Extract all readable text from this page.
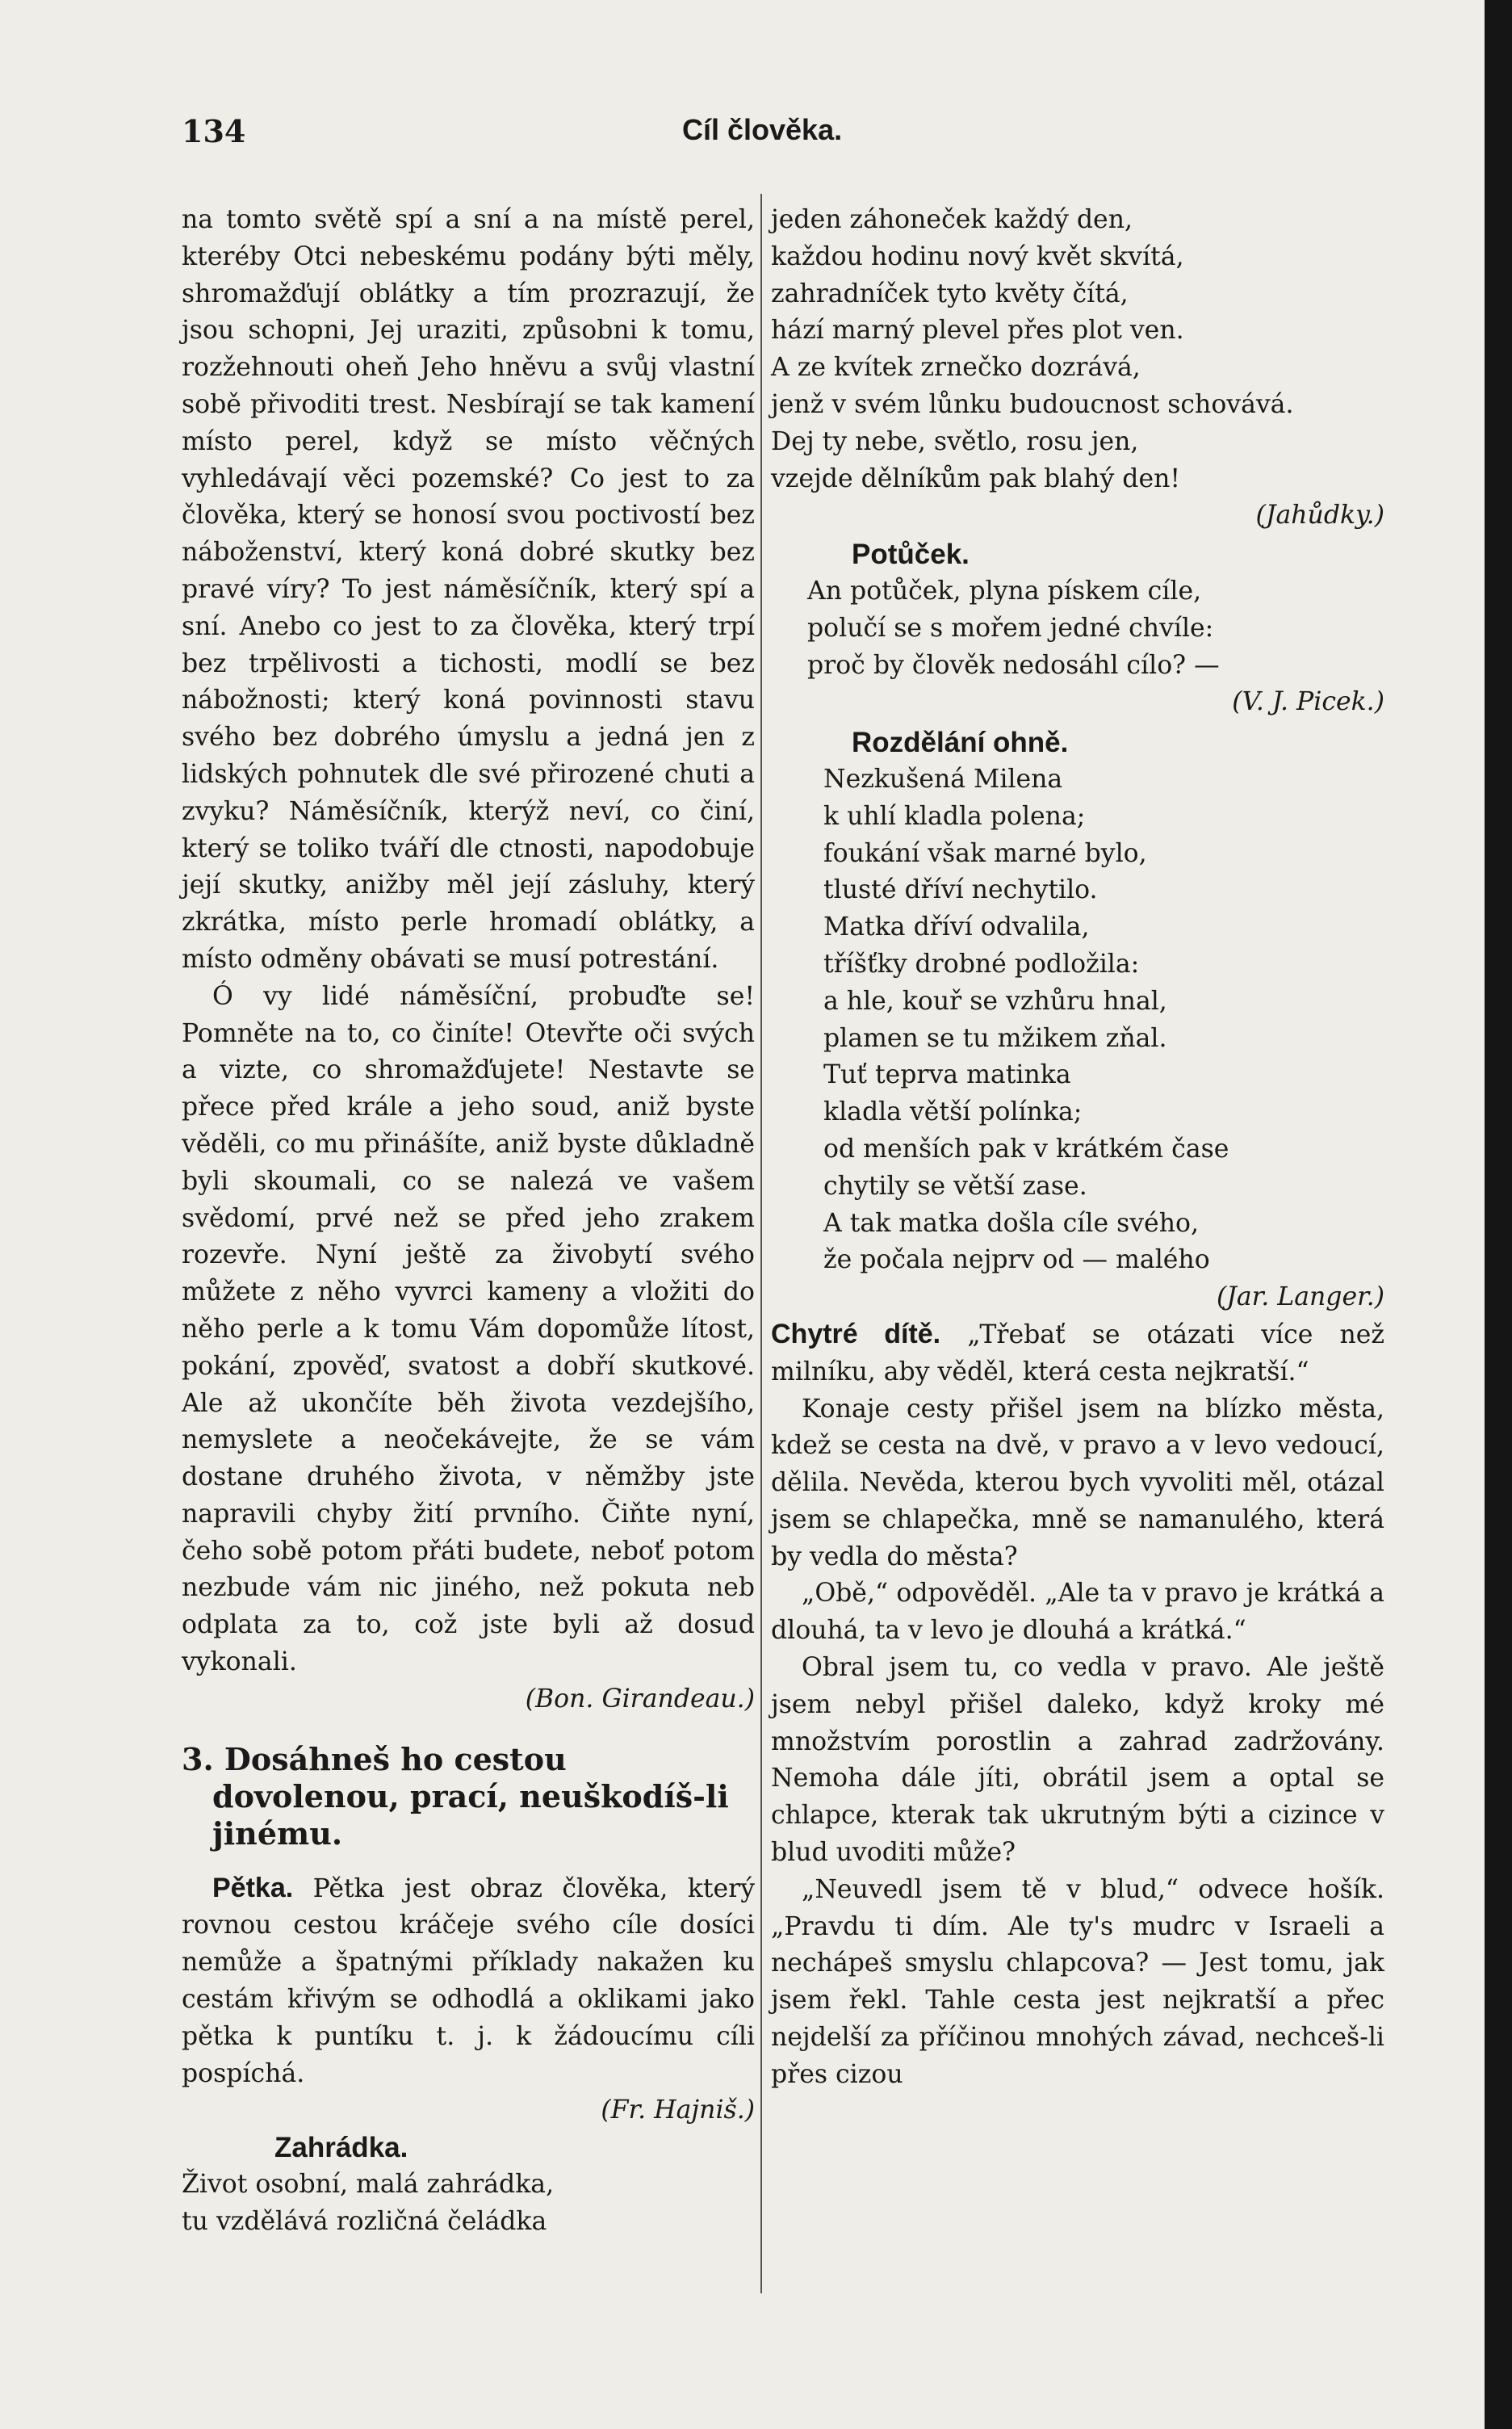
134	Cíl člověka.

na tomto světě spí a sní a na místě perel, kteréby Otci nebeskému podány býti měly, shromažďují oblátky a tím prozrazují, že jsou schopni, Jej uraziti, způsobni k tomu, rozžehnouti oheň Jeho hněvu a svůj vlastní sobě přivoditi trest. Nesbírají se tak kamení místo perel, když se místo věčných vyhledávají věci pozemské? Co jest to za člověka, který se honosí svou poctivostí bez náboženství, který koná dobré skutky bez pravé víry? To jest náměsíčník, který spí a sní. Anebo co jest to za člověka, který trpí bez trpělivosti a tichosti, modlí se bez nábožnosti; který koná povinnosti stavu svého bez dobrého úmyslu a jedná jen z lidských pohnutek dle své přirozené chuti a zvyku? Náměsíčník, kterýž neví, co činí, který se toliko tváří dle ctnosti, napodobuje její skutky, anižby měl její zásluhy, který zkrátka, místo perle hromadí oblátky, a místo odměny obávati se musí potrestání.

Ó vy lidé náměsíční, probuďte se! Pomněte na to, co činíte! Otevřte oči svých a vizte, co shromažďujete! Nestavte se přece před krále a jeho soud, aniž byste věděli, co mu přinášíte, aniž byste důkladně byli skoumali, co se nalezá ve vašem svědomí, prvé než se před jeho zrakem rozevře. Nyní ještě za živobytí svého můžete z něho vyvrci kameny a vložiti do něho perle a k tomu Vám dopomůže lítost, pokání, zpověď, svatost a dobří skutkové. Ale až ukončíte běh života vezdejšího, nemyslete a neočekávejte, že se vám dostane druhého života, v němžby jste napravili chyby žití prvního. Čiňte nyní, čeho sobě potom přáti budete, neboť potom nezbude vám nic jiného, než pokuta neb odplata za to, což jste byli až dosud vykonali.

(Bon. Girandeau.)

3. Dosáhneš ho cestou dovolenou, prací, neuškodíš-li jinému.

Pětka. Pětka jest obraz člověka, který rovnou cestou kráčeje svého cíle dosíci nemůže a špatnými příklady nakažen ku cestám křivým se odhodlá a oklikami jako pětka k puntíku t. j. k žádoucímu cíli pospíchá.

(Fr. Hajniš.)

Zahrádka.

Život osobní, malá zahrádka,

tu vzdělává rozličná čeládka

jeden záhoneček každý den,

každou hodinu nový květ skvítá,

zahradníček tyto květy čítá,

hází marný plevel přes plot ven.

A ze kvítek zrnečko dozrává,

jenž v svém lůnku budoucnost schovává.

Dej ty nebe, světlo, rosu jen,

vzejde dělníkům pak blahý den!

(Jahůdky.)

Potůček.

An potůček, plyna pískem cíle,

polučí se s mořem jedné chvíle:

proč by člověk nedosáhl cílo? —

(V. J. Picek.)

Rozdělání ohně.

Nezkušená Milena

k uhlí kladla polena;

foukání však marné bylo,

tlusté dříví nechytilo.

Matka dříví odvalila,

tříšťky drobné podložila:

a hle, kouř se vzhůru hnal,

plamen se tu mžikem zňal.

Tuť teprva matinka

kladla větší polínka;

od menších pak v krátkém čase

chytily se větší zase.

A tak matka došla cíle svého,

že počala nejprv od — malého

(Jar. Langer.)

Chytré dítě. „Třebať se otázati více než milníku, aby věděl, která cesta nejkratší.“

Konaje cesty přišel jsem na blízko města, kdež se cesta na dvě, v pravo a v levo vedoucí, dělila. Nevěda, kterou bych vyvoliti měl, otázal jsem se chlapečka, mně se namanulého, která by vedla do města?

„Obě,“ odpověděl. „Ale ta v pravo je krátká a dlouhá, ta v levo je dlouhá a krátká.“

Obral jsem tu, co vedla v pravo. Ale ještě jsem nebyl přišel daleko, když kroky mé množstvím porostlin a zahrad zadržovány. Nemoha dále jíti, obrátil jsem a optal se chlapce, kterak tak ukrutným býti a cizince v blud uvoditi může?

„Neuvedl jsem tě v blud,“ odvece hošík. „Pravdu ti dím. Ale ty's mudrc v Israeli a nechápeš smyslu chlapcova? — Jest tomu, jak jsem řekl. Tahle cesta jest nejkratší a přec nejdelší za příčinou mnohých závad, nechceš-li přes cizou
